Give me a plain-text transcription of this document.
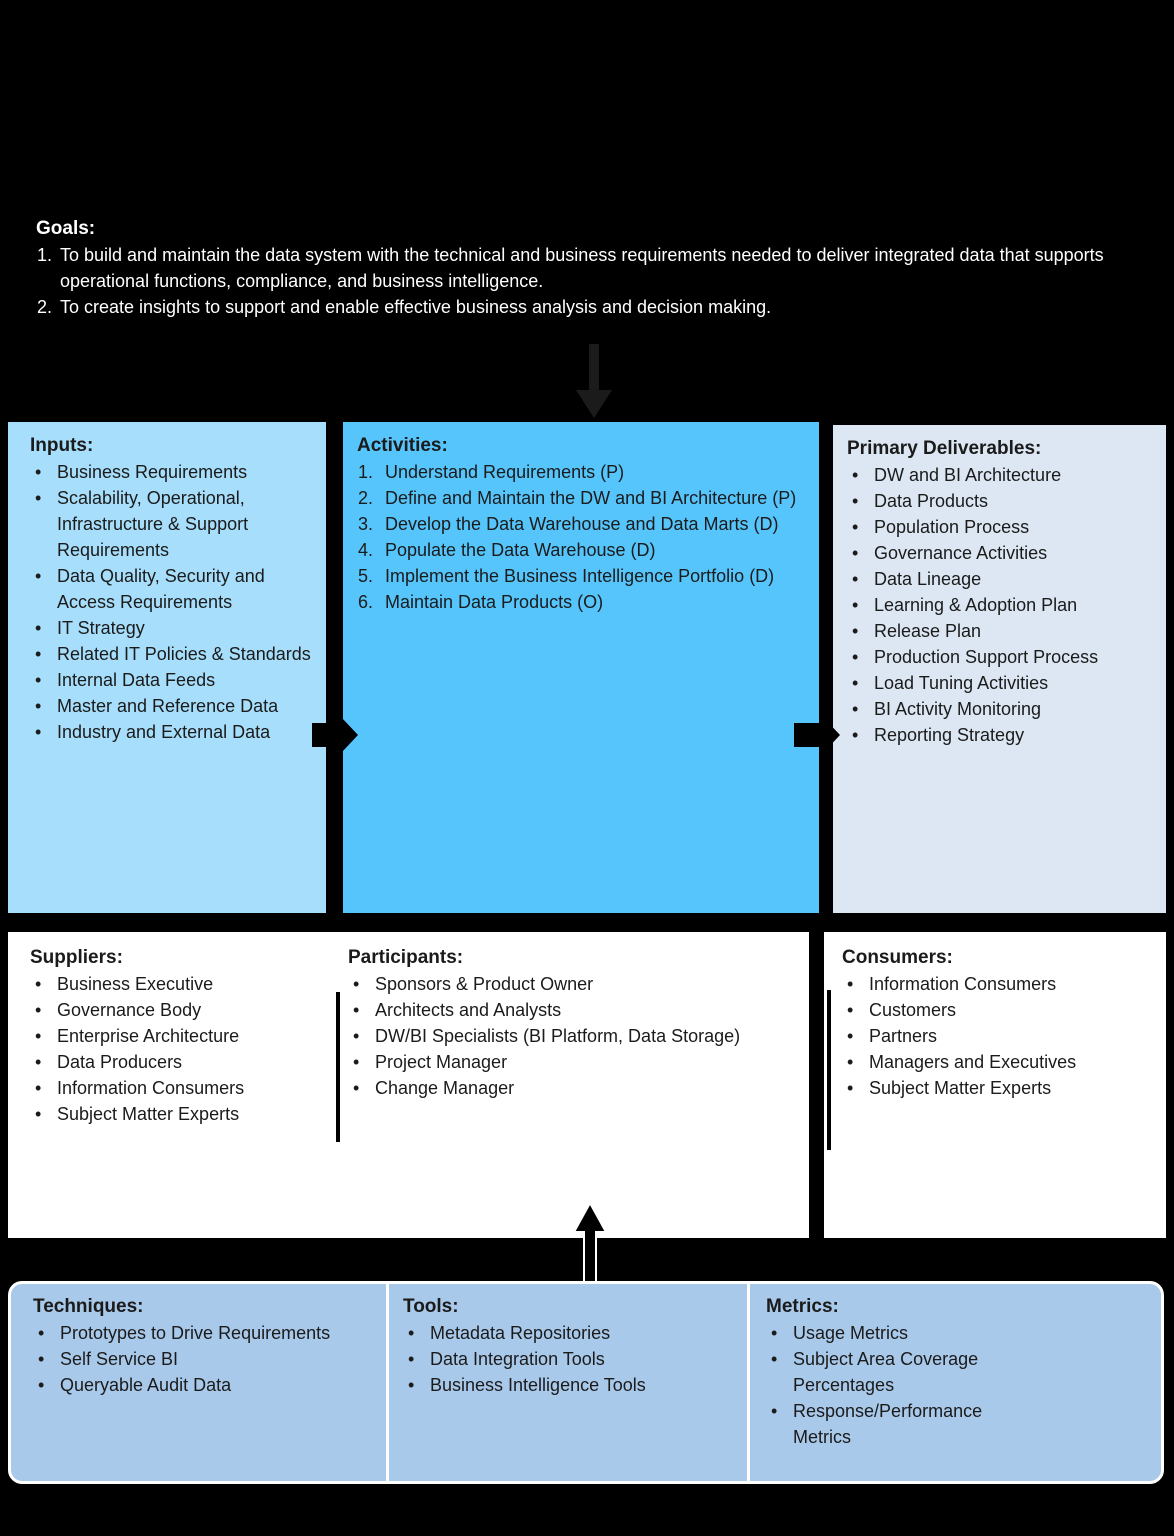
Goals:
To build and maintain the data system with the technical and business requirements needed to deliver integrated data that supports operational functions, compliance, and business intelligence.
To create insights to support and enable effective business analysis and decision making.
Inputs:
• Business Requirements
• Scalability, Operational, Infrastructure & Support Requirements
• Data Quality, Security and Access Requirements
• IT Strategy
• Related IT Policies & Standards
• Internal Data Feeds
• Master and Reference Data
• Industry and External Data
Activities:
Understand Requirements (P)
Define and Maintain the DW and BI Architecture (P)
Develop the Data Warehouse and Data Marts (D)
Populate the Data Warehouse (D)
Implement the Business Intelligence Portfolio (D)
Maintain Data Products (O)
Primary Deliverables:
• DW and BI Architecture
• Data Products
• Population Process
• Governance Activities
• Data Lineage
• Learning & Adoption Plan
• Release Plan
• Production Support Process
• Load Tuning Activities
• BI Activity Monitoring
• Reporting Strategy
Suppliers:
• Business Executive
• Governance Body
• Enterprise Architecture
• Data Producers
• Information Consumers
• Subject Matter Experts
Participants:
• Sponsors & Product Owner
• Architects and Analysts
• DW/BI Specialists (BI Platform, Data Storage)
• Project Manager
• Change Manager
Consumers:
• Information Consumers
• Customers
• Partners
• Managers and Executives
• Subject Matter Experts
Techniques:
• Prototypes to Drive Requirements
• Self Service BI
• Queryable Audit Data
Tools:
• Metadata Repositories
• Data Integration Tools
• Business Intelligence Tools
Metrics:
• Usage Metrics
• Subject Area Coverage Percentages
• Response/Performance Metrics
